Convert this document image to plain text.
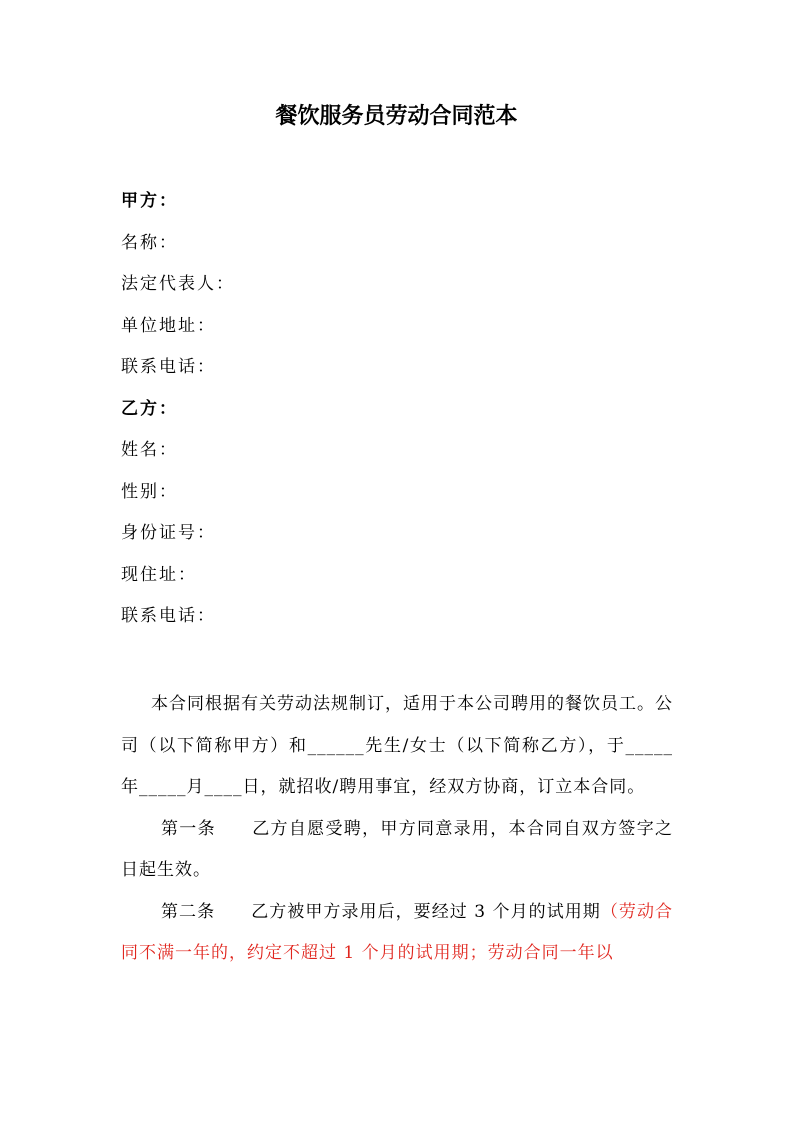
餐饮服务员劳动合同范本
甲方：
名称：
法定代表人：
单位地址：
联系电话：
乙方：
姓名：
性别：
身份证号：
现住址：
联系电话：

本合同根据有关劳动法规制订，适用于本公司聘用的餐饮员工。公司（以下简称甲方）和______先生/女士（以下简称乙方），于_____年_____月____日，就招收/聘用事宜，经双方协商，订立本合同。

第一条 乙方自愿受聘，甲方同意录用，本合同自双方签字之日起生效。

第二条 乙方被甲方录用后，要经过 3 个月的试用期（劳动合同不满一年的，约定不超过 1 个月的试用期；劳动合同一年以
